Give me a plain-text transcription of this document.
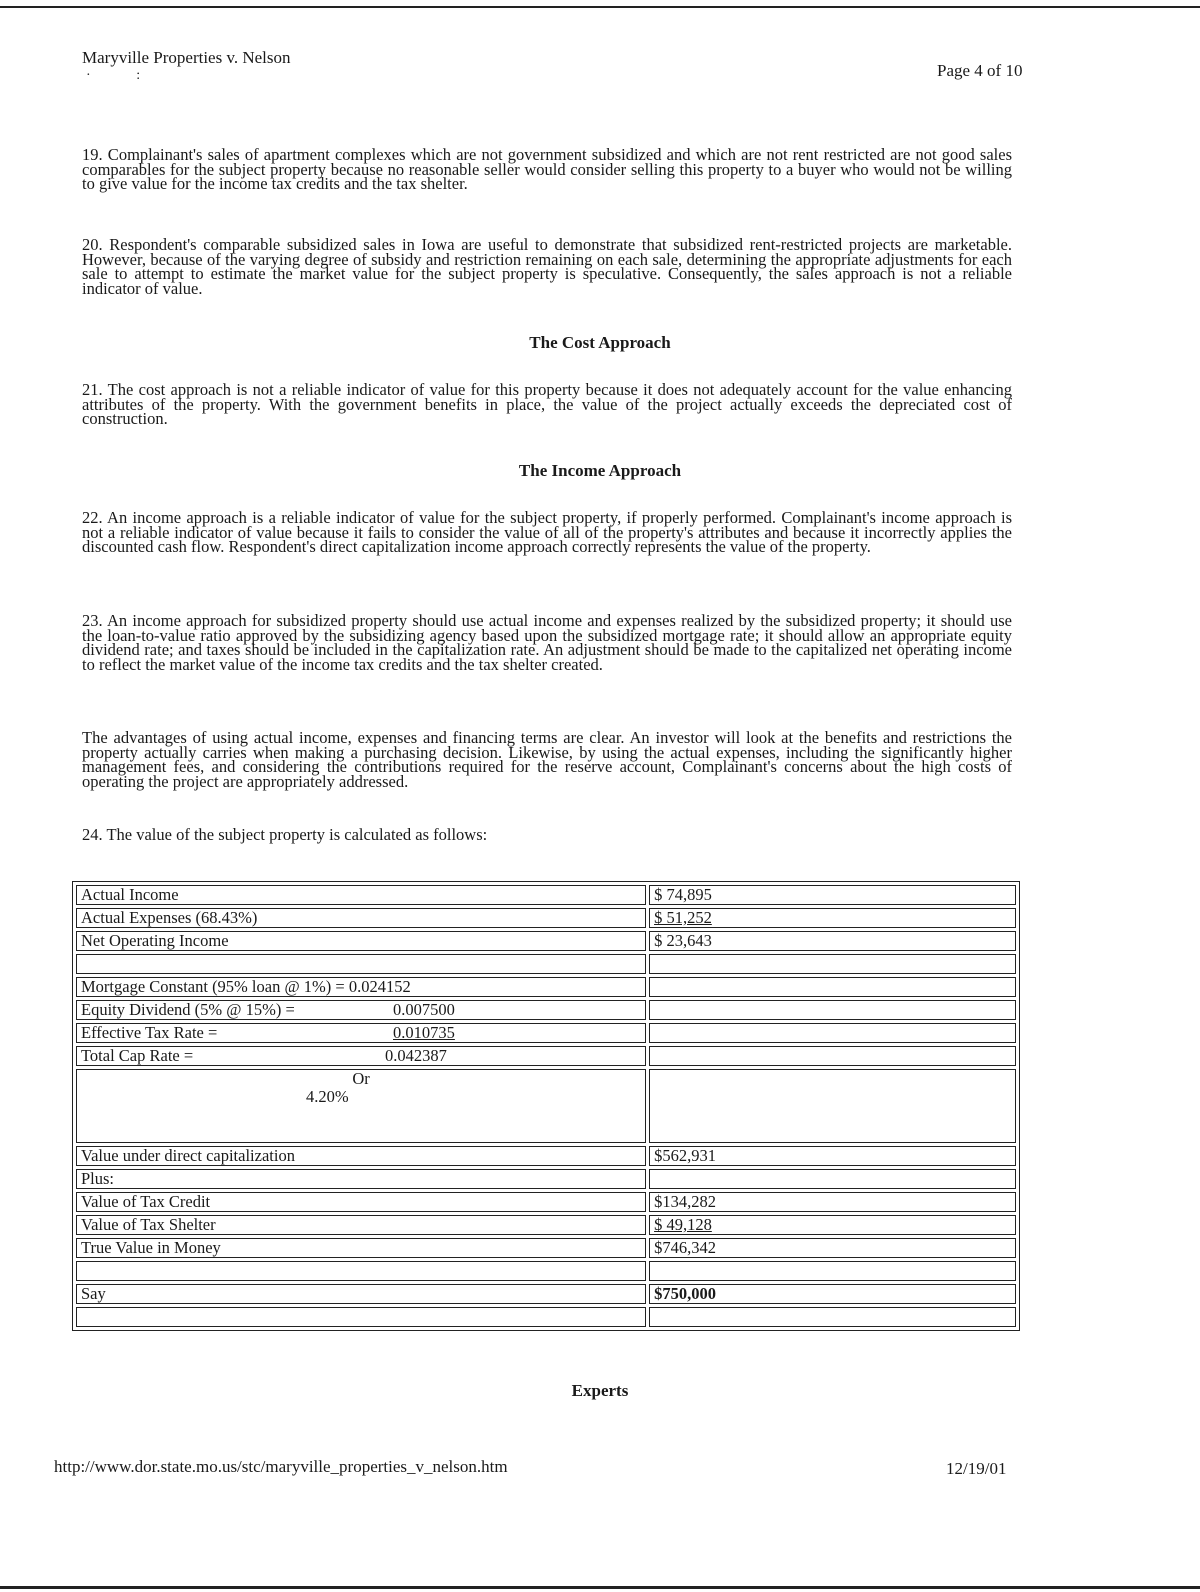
Maryville Properties v. Nelson
Page 4 of 10
·                :
19. Complainant's sales of apartment complexes which are not government subsidized and which are not rent restricted are not good sales comparables for the subject property because no reasonable seller would consider selling this property to a buyer who would not be willing to give value for the income tax credits and the tax shelter.
20. Respondent's comparable subsidized sales in Iowa are useful to demonstrate that subsidized rent-restricted projects are marketable. However, because of the varying degree of subsidy and restriction remaining on each sale, determining the appropriate adjustments for each sale to attempt to estimate the market value for the subject property is speculative. Consequently, the sales approach is not a reliable indicator of value.
The Cost Approach
21. The cost approach is not a reliable indicator of value for this property because it does not adequately account for the value enhancing attributes of the property. With the government benefits in place, the value of the project actually exceeds the depreciated cost of construction.
The Income Approach
22. An income approach is a reliable indicator of value for the subject property, if properly performed. Complainant's income approach is not a reliable indicator of value because it fails to consider the value of all of the property's attributes and because it incorrectly applies the discounted cash flow. Respondent's direct capitalization income approach correctly represents the value of the property.
23. An income approach for subsidized property should use actual income and expenses realized by the subsidized property; it should use the loan-to-value ratio approved by the subsidizing agency based upon the subsidized mortgage rate; it should allow an appropriate equity dividend rate; and taxes should be included in the capitalization rate. An adjustment should be made to the capitalized net operating income to reflect the market value of the income tax credits and the tax shelter created.
The advantages of using actual income, expenses and financing terms are clear. An investor will look at the benefits and restrictions the property actually carries when making a purchasing decision. Likewise, by using the actual expenses, including the significantly higher management fees, and considering the contributions required for the reserve account, Complainant's concerns about the high costs of operating the project are appropriately addressed.
24. The value of the subject property is calculated as follows:
Actual Income	$ 74,895
Actual Expenses (68.43%)	$ 51,252
Net Operating Income	$ 23,643

Mortgage Constant (95% loan @ 1%) = 0.024152	
Equity Dividend (5% @ 15%) = 0.007500	
Effective Tax Rate = 0.010735	
Total Cap Rate = 0.042387	
Or
4.20%	

Value under direct capitalization	$562,931
Plus:	
Value of Tax Credit	$134,282
Value of Tax Shelter	$ 49,128
True Value in Money	$746,342

Say	$750,000

Experts
http://www.dor.state.mo.us/stc/maryville_properties_v_nelson.htm	12/19/01
